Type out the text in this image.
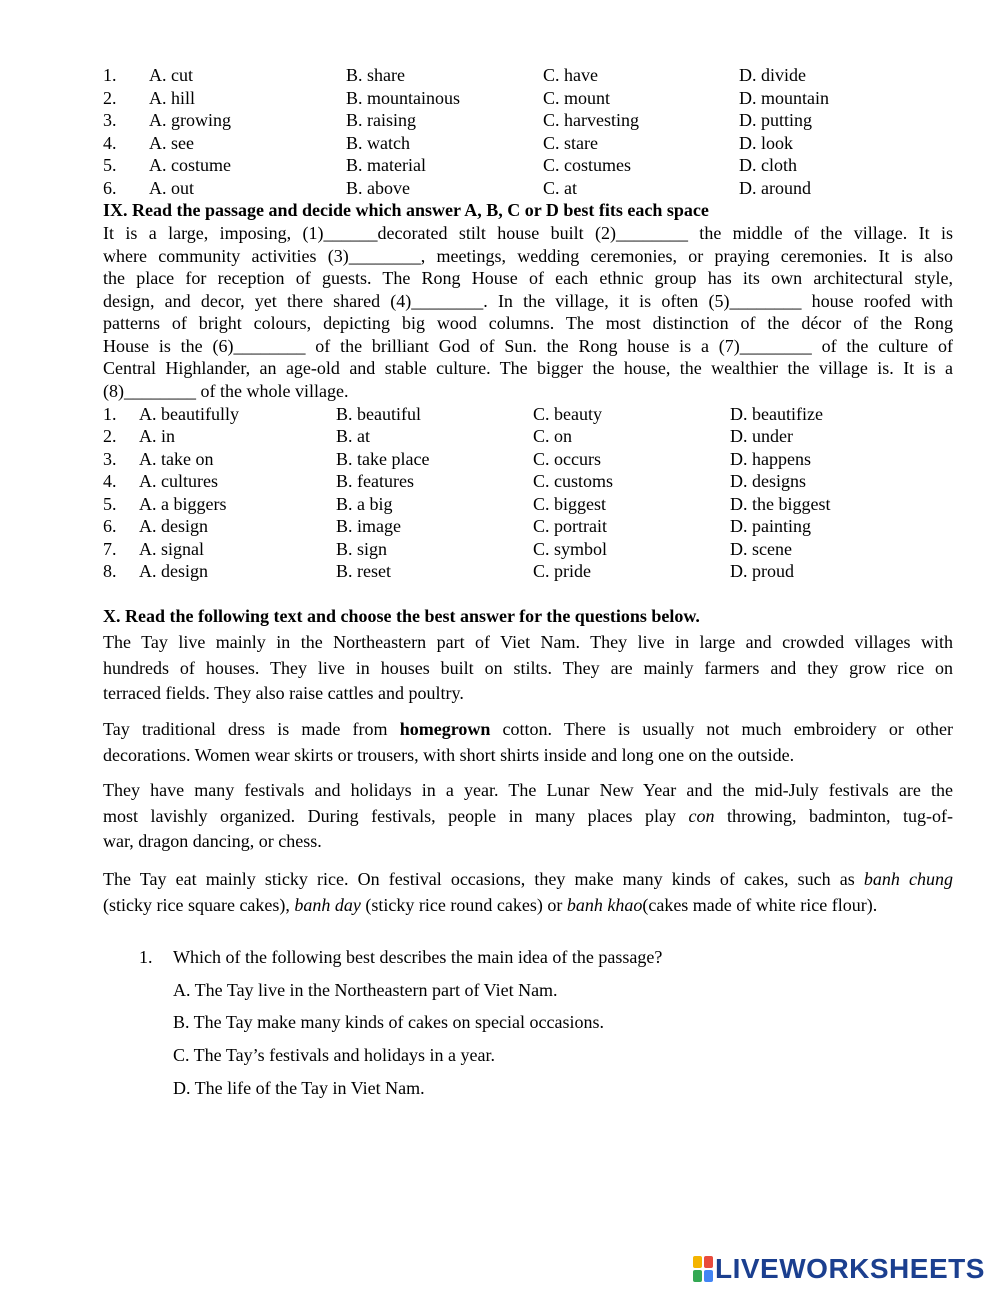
1. A. cut	B. share	C. have	D. divide
2. A. hill	B. mountainous	C. mount	D. mountain
3. A. growing	B. raising	C. harvesting	D. putting
4. A. see	B. watch	C. stare	D. look
5. A. costume	B. material	C. costumes	D. cloth
6. A. out	B. above	C. at	D. around
IX. Read the passage and decide which answer A, B, C or D best fits each space
It is a large, imposing, (1)______decorated stilt house built (2)________ the middle of the village. It is
where community activities (3)________, meetings, wedding ceremonies, or praying ceremonies. It is also
the place for reception of guests. The Rong House of each ethnic group has its own architectural style,
design, and decor, yet there shared (4)________. In the village, it is often (5)________ house roofed with
patterns of bright colours, depicting big wood columns. The most distinction of the décor of the Rong
House is the (6)________ of the brilliant God of Sun. the Rong house is a (7)________ of the culture of
Central Highlander, an age-old and stable culture. The bigger the house, the wealthier the village is. It is a
(8)________ of the whole village.
1. A. beautifully	B. beautiful	C. beauty	D. beautifize
2. A. in	B. at	C. on	D. under
3. A. take on	B. take place	C. occurs	D. happens
4. A. cultures	B. features	C. customs	D. designs
5. A. a biggers	B. a big	C. biggest	D. the biggest
6. A. design	B. image	C. portrait	D. painting
7. A. signal	B. sign	C. symbol	D. scene
8. A. design	B. reset	C. pride	D. proud
X. Read the following text and choose the best answer for the questions below.
The Tay live mainly in the Northeastern part of Viet Nam. They live in large and crowded villages with
hundreds of houses. They live in houses built on stilts. They are mainly farmers and they grow rice on
terraced fields. They also raise cattles and poultry.
Tay traditional dress is made from homegrown cotton. There is usually not much embroidery or other
decorations. Women wear skirts or trousers, with short shirts inside and long one on the outside.
They have many festivals and holidays in a year. The Lunar New Year and the mid-July festivals are the
most lavishly organized. During festivals, people in many places play con throwing, badminton, tug-of-
war, dragon dancing, or chess.
The Tay eat mainly sticky rice. On festival occasions, they make many kinds of cakes, such as banh chung
(sticky rice square cakes), banh day (sticky rice round cakes) or banh khao(cakes made of white rice flour).
1. Which of the following best describes the main idea of the passage?
A. The Tay live in the Northeastern part of Viet Nam.
B. The Tay make many kinds of cakes on special occasions.
C. The Tay’s festivals and holidays in a year.
D. The life of the Tay in Viet Nam.
LIVEWORKSHEETS
